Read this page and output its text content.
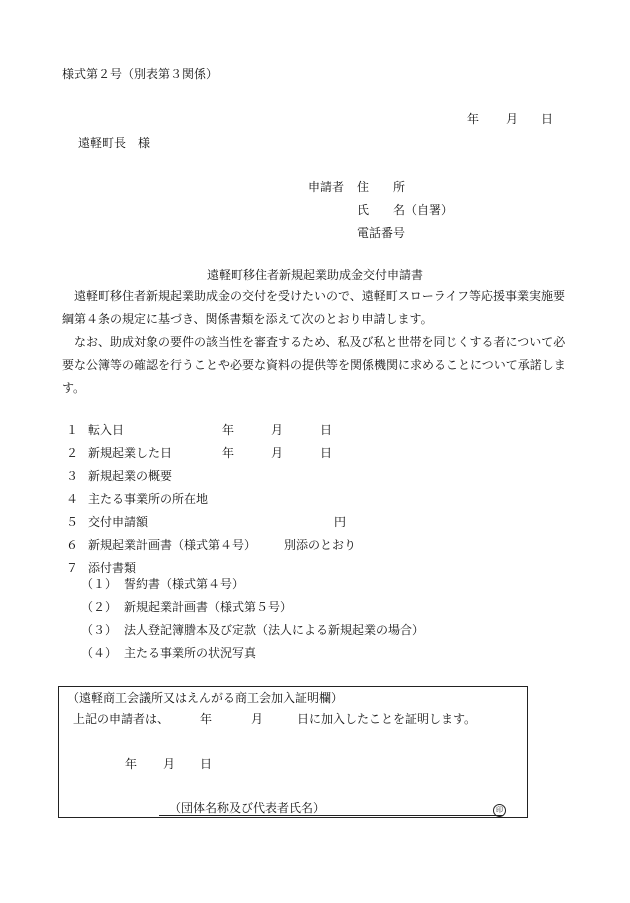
様式第２号（別表第３関係）
年 月 日
遠軽町長　様
申請者 住　　所
氏　　名（自署）
電話番号
遠軽町移住者新規起業助成金交付申請書

遠軽町移住者新規起業助成金の交付を受けたいので、遠軽町スローライフ等応援事業実施要綱第４条の規定に基づき、関係書類を添えて次のとおり申請します。

なお、助成対象の要件の該当性を審査するため、私及び私と世帯を同じくする者について必要な公簿等の確認を行うことや必要な資料の提供等を関係機関に求めることについて承諾します。

１ 転入日	年	月	日
２ 新規起業した日	年	月	日
３ 新規起業の概要
４ 主たる事業所の所在地
５ 交付申請額	円
６ 新規起業計画書（様式第４号） 別添のとおり
７ 添付書類
（１） 誓約書（様式第４号）
（２） 新規起業計画書（様式第５号）
（３） 法人登記簿謄本及び定款（法人による新規起業の場合）
（４） 主たる事業所の状況写真
（遠軽商工会議所又はえんがる商工会加入証明欄）
上記の申請者は、	年	月	日に加入したことを証明します。
年 月 日
（団体名称及び代表者氏名）	印
